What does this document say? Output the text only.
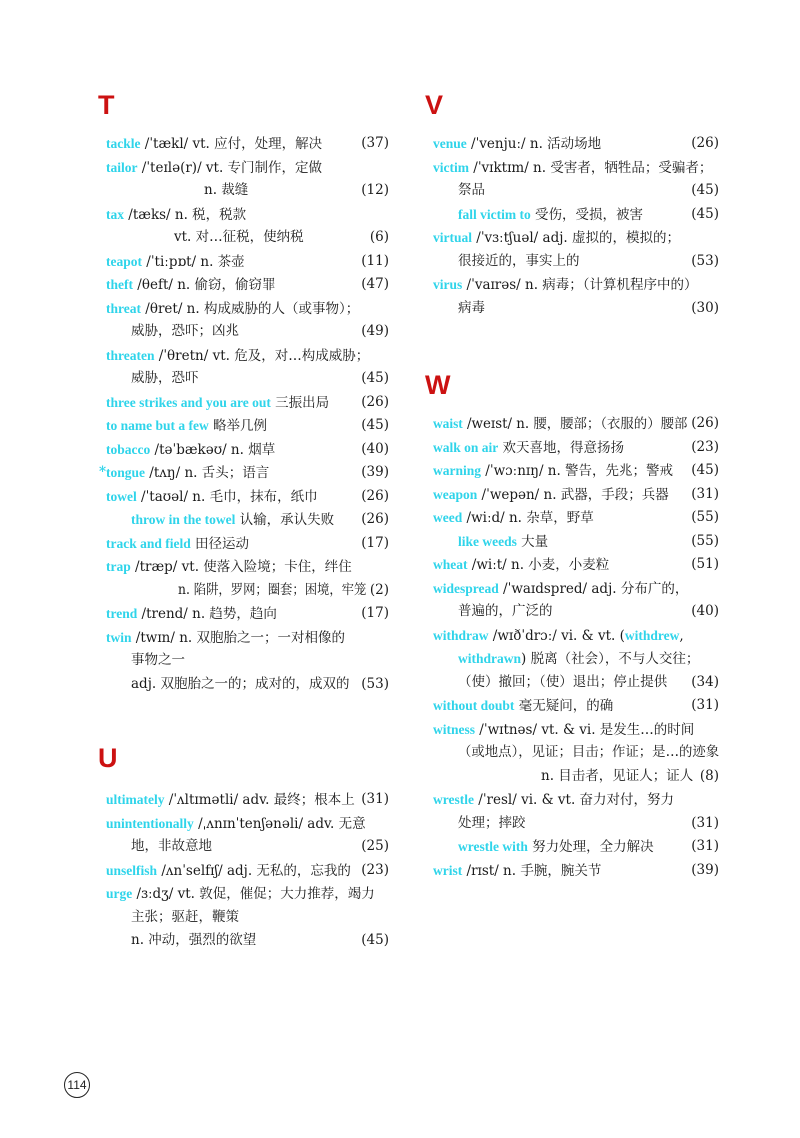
T
tackle /ˈtækl/ vt. 应付，处理，解决	(37)
tailor /ˈteɪlə(r)/ vt. 专门制作，定做
n. 裁缝	(12)
tax /tæks/ n. 税，税款
vt. 对…征税，使纳税	(6)
teapot /ˈtiːpɒt/ n. 茶壶	(11)
theft /θeft/ n. 偷窃，偷窃罪	(47)
threat /θret/ n. 构成威胁的人（或事物）；
威胁，恐吓；凶兆	(49)
threaten /ˈθretn/ vt. 危及，对…构成威胁；
威胁，恐吓	(45)
three strikes and you are out 三振出局 (26)
to name but a few 略举几例	(45)
tobacco /təˈbækəʊ/ n. 烟草	(40)
* tongue /tʌŋ/ n. 舌头；语言	(39)
towel /ˈtaʊəl/ n. 毛巾，抹布，纸巾	(26)
throw in the towel 认输，承认失败 (26)
track and field 田径运动	(17)
trap /træp/ vt. 使落入险境；卡住，绊住
n. 陷阱，罗网；圈套；困境，牢笼 (2)
trend /trend/ n. 趋势，趋向	(17)
twin /twɪn/ n. 双胞胎之一；一对相像的
事物之一
adj. 双胞胎之一的；成对的，成双的 (53)
U
ultimately /ˈʌltɪmətli/ adv. 最终；根本上 (31)
unintentionally /ˌʌnɪnˈtenʃənəli/ adv. 无意
地，非故意地	(25)
unselfish /ʌnˈselfɪʃ/ adj. 无私的，忘我的 (23)
urge /ɜːdʒ/ vt. 敦促，催促；大力推荐，竭力
主张；驱赶，鞭策
n. 冲动，强烈的欲望	(45)
V
venue /ˈvenjuː/ n. 活动场地	(26)
victim /ˈvɪktɪm/ n. 受害者，牺牲品；受骗者；
祭品	(45)
fall victim to 受伤，受损，被害	(45)
virtual /ˈvɜːtʃuəl/ adj. 虚拟的，模拟的；
很接近的，事实上的	(53)
virus /ˈvaɪrəs/ n. 病毒；（计算机程序中的）
病毒	(30)
W
waist /weɪst/ n. 腰，腰部；（衣服的）腰部 (26)
walk on air 欢天喜地，得意扬扬	(23)
warning /ˈwɔːnɪŋ/ n. 警告，先兆；警戒 (45)
weapon /ˈwepən/ n. 武器，手段；兵器 (31)
weed /wiːd/ n. 杂草，野草	(55)
like weeds 大量	(55)
wheat /wiːt/ n. 小麦，小麦粒	(51)
widespread /ˈwaɪdspred/ adj. 分布广的，
普遍的，广泛的	(40)
withdraw /wɪðˈdrɔː/ vi. & vt. (withdrew,
withdrawn) 脱离（社会），不与人交往；
（使）撤回；（使）退出；停止提供 (34)
without doubt 毫无疑问，的确	(31)
witness /ˈwɪtnəs/ vt. & vi. 是发生…的时间
（或地点），见证；目击；作证；是…的迹象
n. 目击者，见证人；证人 (8)
wrestle /ˈresl/ vi. & vt. 奋力对付，努力
处理；摔跤	(31)
wrestle with 努力处理，全力解决	(31)
wrist /rɪst/ n. 手腕，腕关节	(39)
114
